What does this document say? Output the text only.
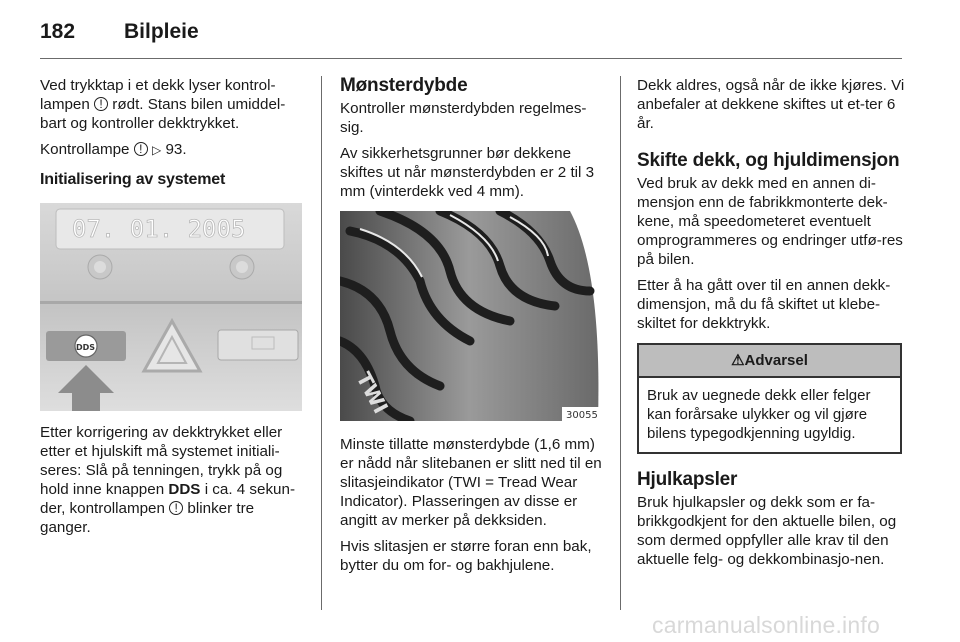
182 Bilpleie

Ved trykktap i et dekk lyser kontrol-
lampen ! rødt. Stans bilen umiddel-
bart og kontroller dekktrykket.

Kontrollampe ! ▷ 93.

Initialisering av systemet
07. 01. 2005
DDS

Etter korrigering av dekktrykket eller
etter et hjulskift må systemet initiali-
seres: Slå på tenningen, trykk på og
hold inne knappen DDS i ca. 4 sekun-
der, kontrollampen ! blinker tre
ganger.

Mønsterdybde

Kontroller mønsterdybden regelmes-sig.

Av sikkerhetsgrunner bør dekkene skiftes ut når mønsterdybden er 2 til 3 mm (vinterdekk ved 4 mm).

TWI	30055

Minste tillatte mønsterdybde (1,6 mm) er nådd når slitebanen er slitt ned til en slitasjeindikator (TWI = Tread Wear Indicator). Plasseringen av disse er angitt av merker på dekksiden.

Hvis slitasjen er større foran enn bak, bytter du om for- og bakhjulene.

Dekk aldres, også når de ikke kjøres. Vi anbefaler at dekkene skiftes ut et-ter 6 år.

Skifte dekk, og hjuldimensjon

Ved bruk av dekk med en annen di-mensjon enn de fabrikkmonterte dek-kene, må speedometeret eventuelt omprogrammeres og endringer utfø-res på bilen.

Etter å ha gått over til en annen dekk-dimensjon, må du få skiftet ut klebe-skiltet for dekktrykk.

⚠Advarsel
Bruk av uegnede dekk eller felger kan forårsake ulykker og vil gjøre bilens typegodkjenning ugyldig.
Hjulkapsler

Bruk hjulkapsler og dekk som er fa-brikkgodkjent for den aktuelle bilen, og som dermed oppfyller alle krav til den aktuelle felg- og dekkombinasjo-nen.

carmanualsonline.info
